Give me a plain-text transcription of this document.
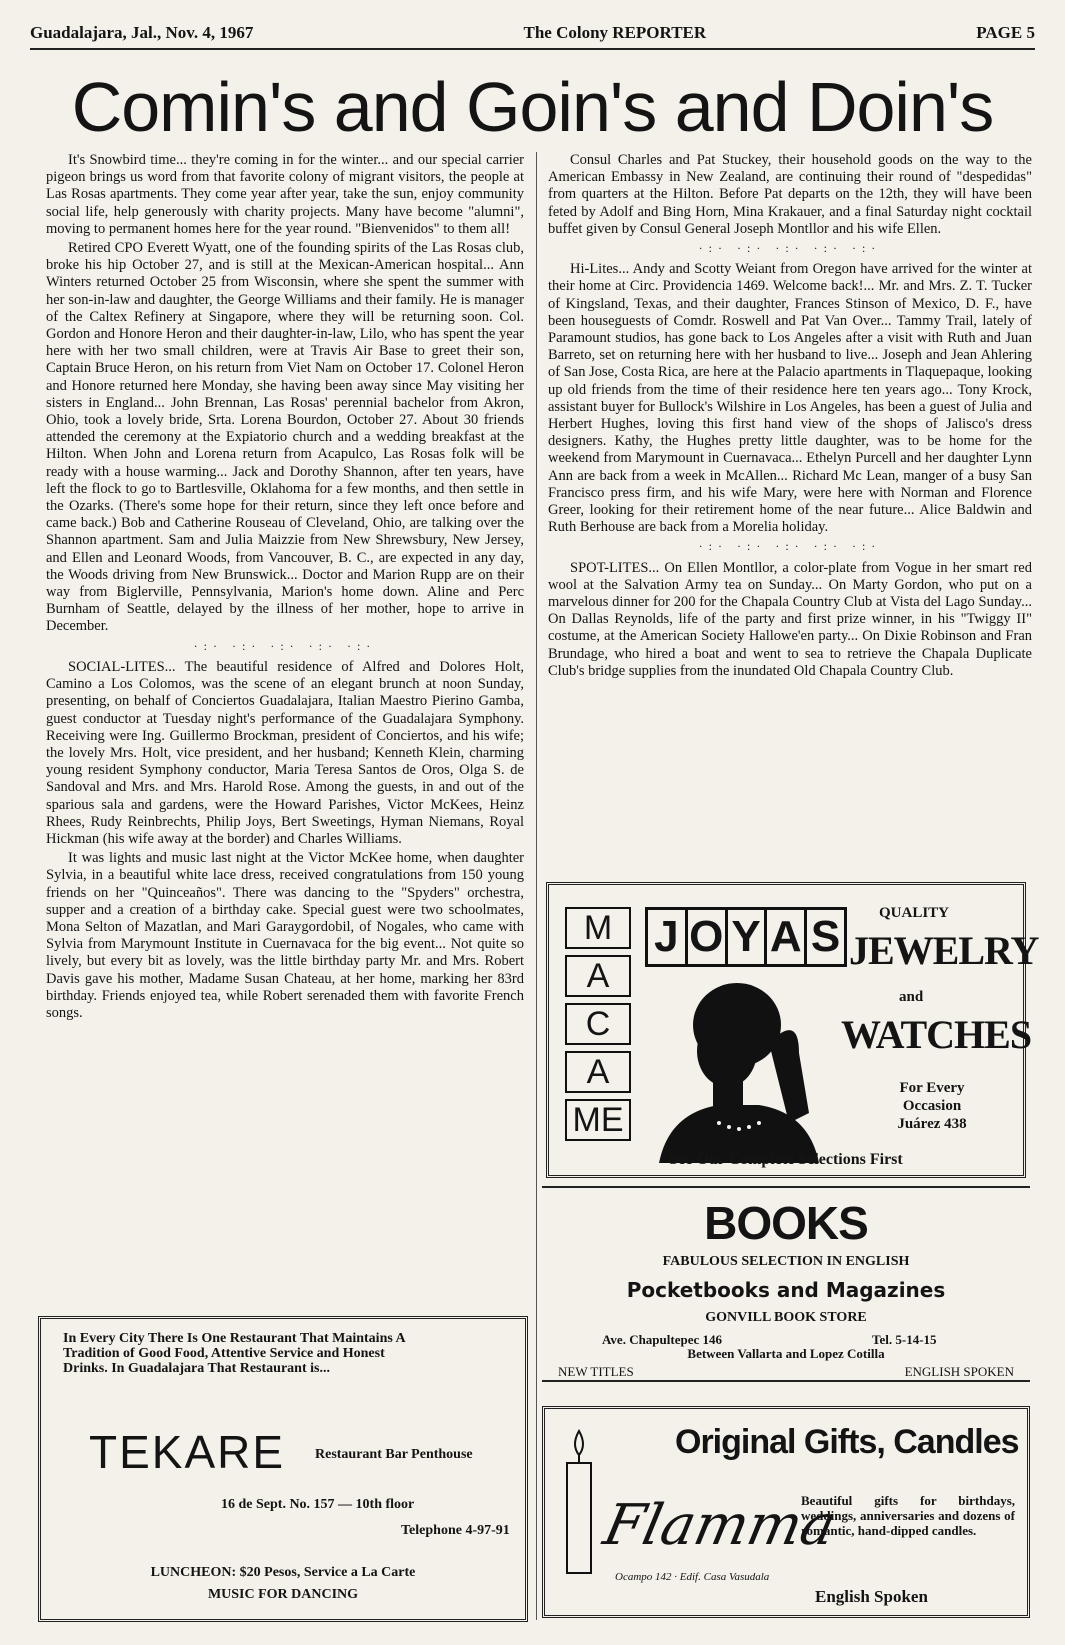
Guadalajara, Jal., Nov. 4, 1967	The Colony REPORTER	PAGE 5
Comin's and Goin's and Doin's

It's Snowbird time... they're coming in for the winter... and our special carrier pigeon brings us word from that favorite colony of migrant visitors, the people at Las Rosas apartments. They come year after year, take the sun, enjoy community social life, help generously with charity projects. Many have become "alumni", moving to permanent homes here for the year round. "Bienvenidos" to them all!

Retired CPO Everett Wyatt, one of the founding spirits of the Las Rosas club, broke his hip October 27, and is still at the Mexican-American hospital... Ann Winters returned October 25 from Wisconsin, where she spent the summer with her son-in-law and daughter, the George Williams and their family. He is manager of the Caltex Refinery at Singapore, where they will be returning soon. Col. Gordon and Honore Heron and their daughter-in-law, Lilo, who has spent the year here with her two small children, were at Travis Air Base to greet their son, Captain Bruce Heron, on his return from Viet Nam on October 17. Colonel Heron and Honore returned here Monday, she having been away since May visiting her sisters in England... John Brennan, Las Rosas' perennial bachelor from Akron, Ohio, took a lovely bride, Srta. Lorena Bourdon, October 27. About 30 friends attended the ceremony at the Expiatorio church and a wedding breakfast at the Hilton. When John and Lorena return from Acapulco, Las Rosas folk will be ready with a house warming... Jack and Dorothy Shannon, after ten years, have left the flock to go to Bartlesville, Oklahoma for a few months, and then settle in the Ozarks. (There's some hope for their return, since they left once before and came back.) Bob and Catherine Rouseau of Cleveland, Ohio, are talking over the Shannon apartment. Sam and Julia Maizzie from New Shrewsbury, New Jersey, and Ellen and Leonard Woods, from Vancouver, B. C., are expected in any day, the Woods driving from New Brunswick... Doctor and Marion Rupp are on their way from Biglerville, Pennsylvania, Marion's home down. Aline and Perc Burnham of Seattle, delayed by the illness of her mother, hope to arrive in December.

·:· ·:· ·:· ·:· ·:·

SOCIAL-LITES... The beautiful residence of Alfred and Dolores Holt, Camino a Los Colomos, was the scene of an elegant brunch at noon Sunday, presenting, on behalf of Conciertos Guadalajara, Italian Maestro Pierino Gamba, guest conductor at Tuesday night's performance of the Guadalajara Symphony. Receiving were Ing. Guillermo Brockman, president of Conciertos, and his wife; the lovely Mrs. Holt, vice president, and her husband; Kenneth Klein, charming young resident Symphony conductor, Maria Teresa Santos de Oros, Olga S. de Sandoval and Mrs. and Mrs. Harold Rose. Among the guests, in and out of the sparious sala and gardens, were the Howard Parishes, Victor McKees, Heinz Rhees, Rudy Reinbrechts, Philip Joys, Bert Sweetings, Hyman Niemans, Royal Hickman (his wife away at the border) and Charles Williams.

It was lights and music last night at the Victor McKee home, when daughter Sylvia, in a beautiful white lace dress, received congratulations from 150 young friends on her "Quinceaños". There was dancing to the "Spyders" orchestra, supper and a creation of a birthday cake. Special guest were two schoolmates, Mona Selton of Mazatlan, and Mari Garaygordobil, of Nogales, who came with Sylvia from Marymount Institute in Cuernavaca for the big event... Not quite so lively, but every bit as lovely, was the little birthday party Mr. and Mrs. Robert Davis gave his mother, Madame Susan Chateau, at her home, marking her 83rd birthday. Friends enjoyed tea, while Robert serenaded them with favorite French songs.

Consul Charles and Pat Stuckey, their household goods on the way to the American Embassy in New Zealand, are continuing their round of "despedidas" from quarters at the Hilton. Before Pat departs on the 12th, they will have been feted by Adolf and Bing Horn, Mina Krakauer, and a final Saturday night cocktail buffet given by Consul General Joseph Montllor and his wife Ellen.

·:· ·:· ·:· ·:· ·:·

Hi-Lites... Andy and Scotty Weiant from Oregon have arrived for the winter at their home at Circ. Providencia 1469. Welcome back!... Mr. and Mrs. Z. T. Tucker of Kingsland, Texas, and their daughter, Frances Stinson of Mexico, D. F., have been houseguests of Comdr. Roswell and Pat Van Over... Tammy Trail, lately of Paramount studios, has gone back to Los Angeles after a visit with Ruth and Juan Barreto, set on returning here with her husband to live... Joseph and Jean Ahlering of San Jose, Costa Rica, are here at the Palacio apartments in Tlaquepaque, looking up old friends from the time of their residence here ten years ago... Tony Krock, assistant buyer for Bullock's Wilshire in Los Angeles, has been a guest of Julia and Herbert Hughes, loving this first hand view of the shops of Jalisco's dress designers. Kathy, the Hughes pretty little daughter, was to be home for the weekend from Marymount in Cuernavaca... Ethelyn Purcell and her daughter Lynn Ann are back from a week in McAllen... Richard Mc Lean, manger of a busy San Francisco press firm, and his wife Mary, were here with Norman and Florence Greer, looking for their retirement home of the near future... Alice Baldwin and Ruth Berhouse are back from a Morelia holiday.

·:· ·:· ·:· ·:· ·:·

SPOT-LITES... On Ellen Montllor, a color-plate from Vogue in her smart red wool at the Salvation Army tea on Sunday... On Marty Gordon, who put on a marvelous dinner for 200 for the Chapala Country Club at Vista del Lago Sunday... On Dallas Reynolds, life of the party and first prize winner, in his "Twiggy II" costume, at the American Society Hallowe'en party... On Dixie Robinson and Fran Brundage, who hired a boat and went to sea to retrieve the Chapala Duplicate Club's bridge supplies from the inundated Old Chapala Country Club.

In Every City There Is One Restaurant That Maintains A Tradition of Good Food, Attentive Service and Honest Drinks. In Guadalajara That Restaurant is...
TEKARE Restaurant Bar Penthouse
16 de Sept. No. 157 — 10th floor
Telephone 4-97-91
LUNCHEON: $20 Pesos, Service a La Carte
MUSIC FOR DANCING
J O Y A S
M
A
C
A
ME
QUALITY
JEWELRY
and
WATCHES
For Every
Occasion
Juárez 438
See Our Complete Selections First
BOOKS
FABULOUS SELECTION IN ENGLISH
Pocketbooks and Magazines
GONVILL BOOK STORE
Ave. Chapultepec 146	Tel. 5-14-15
Between Vallarta and Lopez Cotilla
NEW TITLES	ENGLISH SPOKEN
Original Gifts, Candles
Flamma
Ocampo 142 · Edif. Casa Vasudala
Beautiful gifts for birthdays, weddings, anniversaries and dozens of romantic, hand-dipped candles.
English Spoken
